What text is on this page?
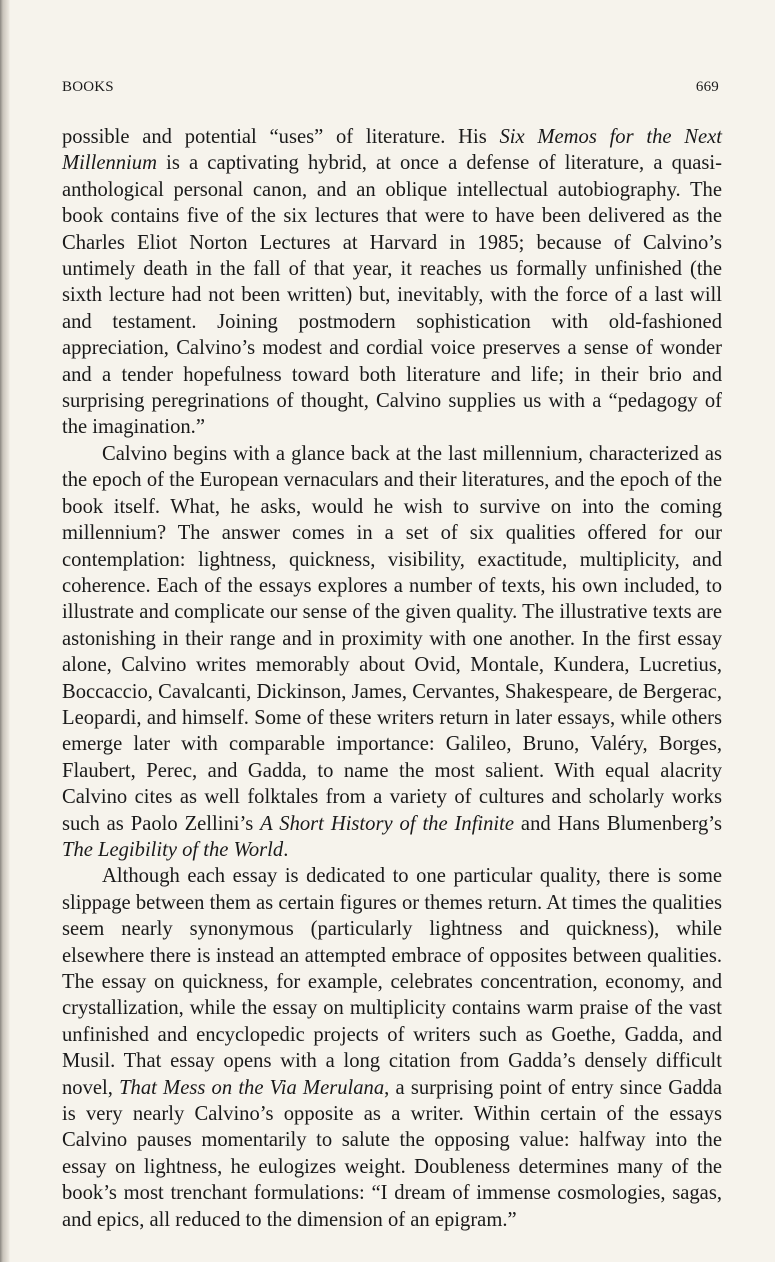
BOOKS	669

possible and potential “uses” of literature. His Six Memos for the Next Millennium is a captivating hybrid, at once a defense of literature, a quasi-anthological personal canon, and an oblique intellectual autobiography. The book contains five of the six lectures that were to have been delivered as the Charles Eliot Norton Lectures at Harvard in 1985; because of Calvino’s untimely death in the fall of that year, it reaches us formally unfinished (the sixth lecture had not been written) but, inevitably, with the force of a last will and testament. Joining postmodern sophistication with old-fashioned appreciation, Calvino’s modest and cordial voice preserves a sense of wonder and a tender hopefulness toward both literature and life; in their brio and surprising peregrinations of thought, Calvino supplies us with a “pedagogy of the imagination.”

Calvino begins with a glance back at the last millennium, characterized as the epoch of the European vernaculars and their literatures, and the epoch of the book itself. What, he asks, would he wish to survive on into the coming millennium? The answer comes in a set of six qualities offered for our contemplation: lightness, quickness, visibility, exactitude, multiplicity, and coherence. Each of the essays explores a number of texts, his own included, to illustrate and complicate our sense of the given quality. The illustrative texts are astonishing in their range and in proximity with one another. In the first essay alone, Calvino writes memorably about Ovid, Montale, Kundera, Lucretius, Boccaccio, Cavalcanti, Dickinson, James, Cervantes, Shakespeare, de Bergerac, Leopardi, and himself. Some of these writers return in later essays, while others emerge later with comparable importance: Galileo, Bruno, Valéry, Borges, Flaubert, Perec, and Gadda, to name the most salient. With equal alacrity Calvino cites as well folktales from a variety of cultures and scholarly works such as Paolo Zellini’s A Short History of the Infinite and Hans Blumenberg’s The Legibility of the World.

Although each essay is dedicated to one particular quality, there is some slippage between them as certain figures or themes return. At times the qualities seem nearly synonymous (particularly lightness and quickness), while elsewhere there is instead an attempted embrace of opposites between qualities. The essay on quickness, for example, celebrates concentration, economy, and crystallization, while the essay on multiplicity contains warm praise of the vast unfinished and encyclopedic projects of writers such as Goethe, Gadda, and Musil. That essay opens with a long citation from Gadda’s densely difficult novel, That Mess on the Via Merulana, a surprising point of entry since Gadda is very nearly Calvino’s opposite as a writer. Within certain of the essays Calvino pauses momentarily to salute the opposing value: halfway into the essay on lightness, he eulogizes weight. Doubleness determines many of the book’s most trenchant formulations: “I dream of immense cosmologies, sagas, and epics, all reduced to the dimension of an epigram.”
